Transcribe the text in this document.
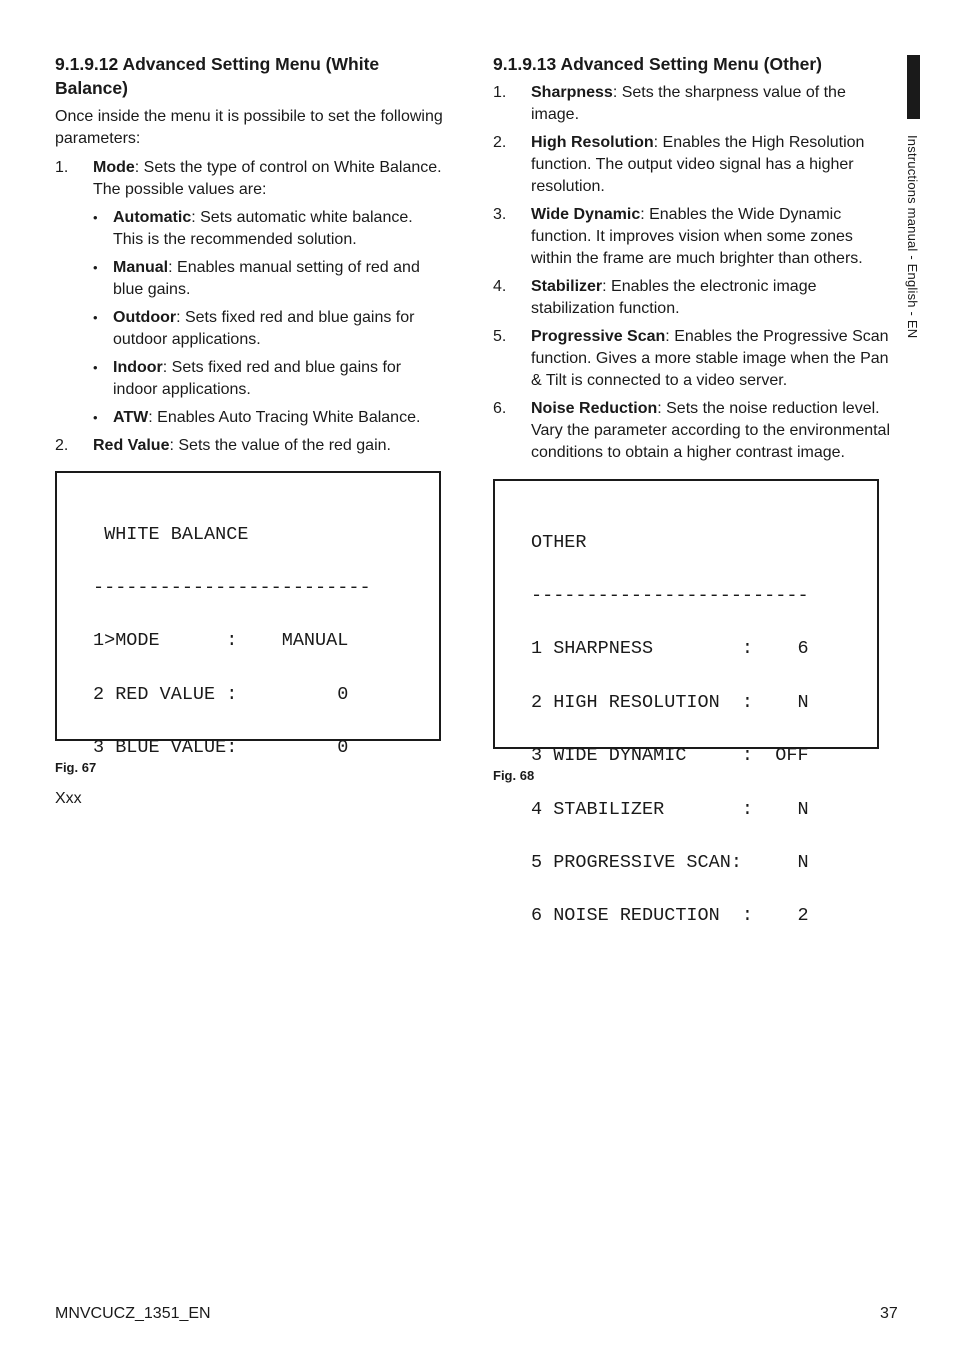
9.1.9.12 Advanced Setting Menu (White Balance)

Once inside the menu it is possibile to set the following parameters:

1. Mode: Sets the type of control on White Balance. The possible values are:
• Automatic: Sets automatic white balance. This is the recommended solution.
• Manual: Enables manual setting of red and blue gains.
• Outdoor: Sets fixed red and blue gains for outdoor applications.
• Indoor: Sets fixed red and blue gains for indoor applications.
• ATW: Enables Auto Tracing White Balance.
2. Red Value: Sets the value of the red gain.

WHITE BALANCE

-------------------------

1>MODE      :    MANUAL

2 RED VALUE :         0

3 BLUE VALUE:         0

Fig. 67
Xxx
9.1.9.13 Advanced Setting Menu (Other)
1. Sharpness: Sets the sharpness value of the image.
2. High Resolution: Enables the High Resolution function. The output video signal has a higher resolution.
3. Wide Dynamic: Enables the Wide Dynamic function. It improves vision when some zones within the frame are much brighter than others.
4. Stabilizer: Enables the electronic image stabilization function.
5. Progressive Scan: Enables the Progressive Scan function. Gives a more stable image when the Pan & Tilt is connected to a video server.
6. Noise Reduction: Sets the noise reduction level. Vary the parameter according to the environmental conditions to obtain a higher contrast image.

OTHER

-------------------------

1 SHARPNESS        :    6

2 HIGH RESOLUTION  :    N

3 WIDE DYNAMIC     :  OFF

4 STABILIZER       :    N

5 PROGRESSIVE SCAN:     N

6 NOISE REDUCTION  :    2

Fig. 68
Instructions manual - English - EN
MNVCUCZ_1351_EN	37
